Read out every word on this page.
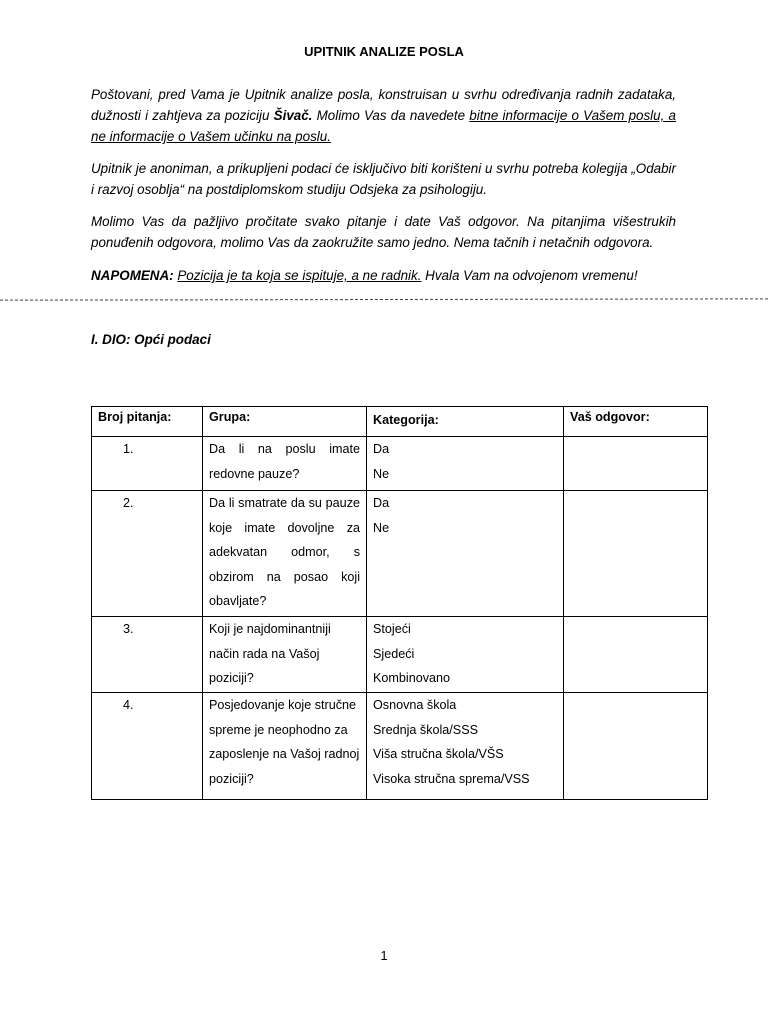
UPITNIK ANALIZE POSLA

Poštovani, pred Vama je Upitnik analize posla, konstruisan u svrhu određivanja radnih zadataka, dužnosti i zahtjeva za poziciju Šivač. Molimo Vas da navedete bitne informacije o Vašem poslu, a ne informacije o Vašem učinku na poslu.

Upitnik je anoniman, a prikupljeni podaci će isključivo biti korišteni u svrhu potreba kolegija „Odabir i razvoj osoblja“ na postdiplomskom studiju Odsjeka za psihologiju.

Molimo Vas da pažljivo pročitate svako pitanje i date Vaš odgovor. Na pitanjima višestrukih ponuđenih odgovora, molimo Vas da zaokružite samo jedno. Nema tačnih i netačnih odgovora.

NAPOMENA: Pozicija je ta koja se ispituje, a ne radnik. Hvala Vam na odvojenom vremenu!

I. DIO: Opći podaci
Broj pitanja:	Grupa:	Kategorija:	Vaš odgovor:
1.	Da li na poslu imate redovne pauze?	Da
Ne	

2.	Da li smatrate da su pauze koje imate dovoljne za adekvatan odmor, s obzirom na posao koji obavljate?	Da
Ne	

3.	Koji je najdominantniji način rada na Vašoj poziciji?	Stojeći
Sjedeći
Kombinovano	

4.	Posjedovanje koje stručne spreme je neophodno za zaposlenje na Vašoj radnoj poziciji?	Osnovna škola
Srednja škola/SSS
Viša stručna škola/VŠS
Visoka stručna sprema/VSS	

1
